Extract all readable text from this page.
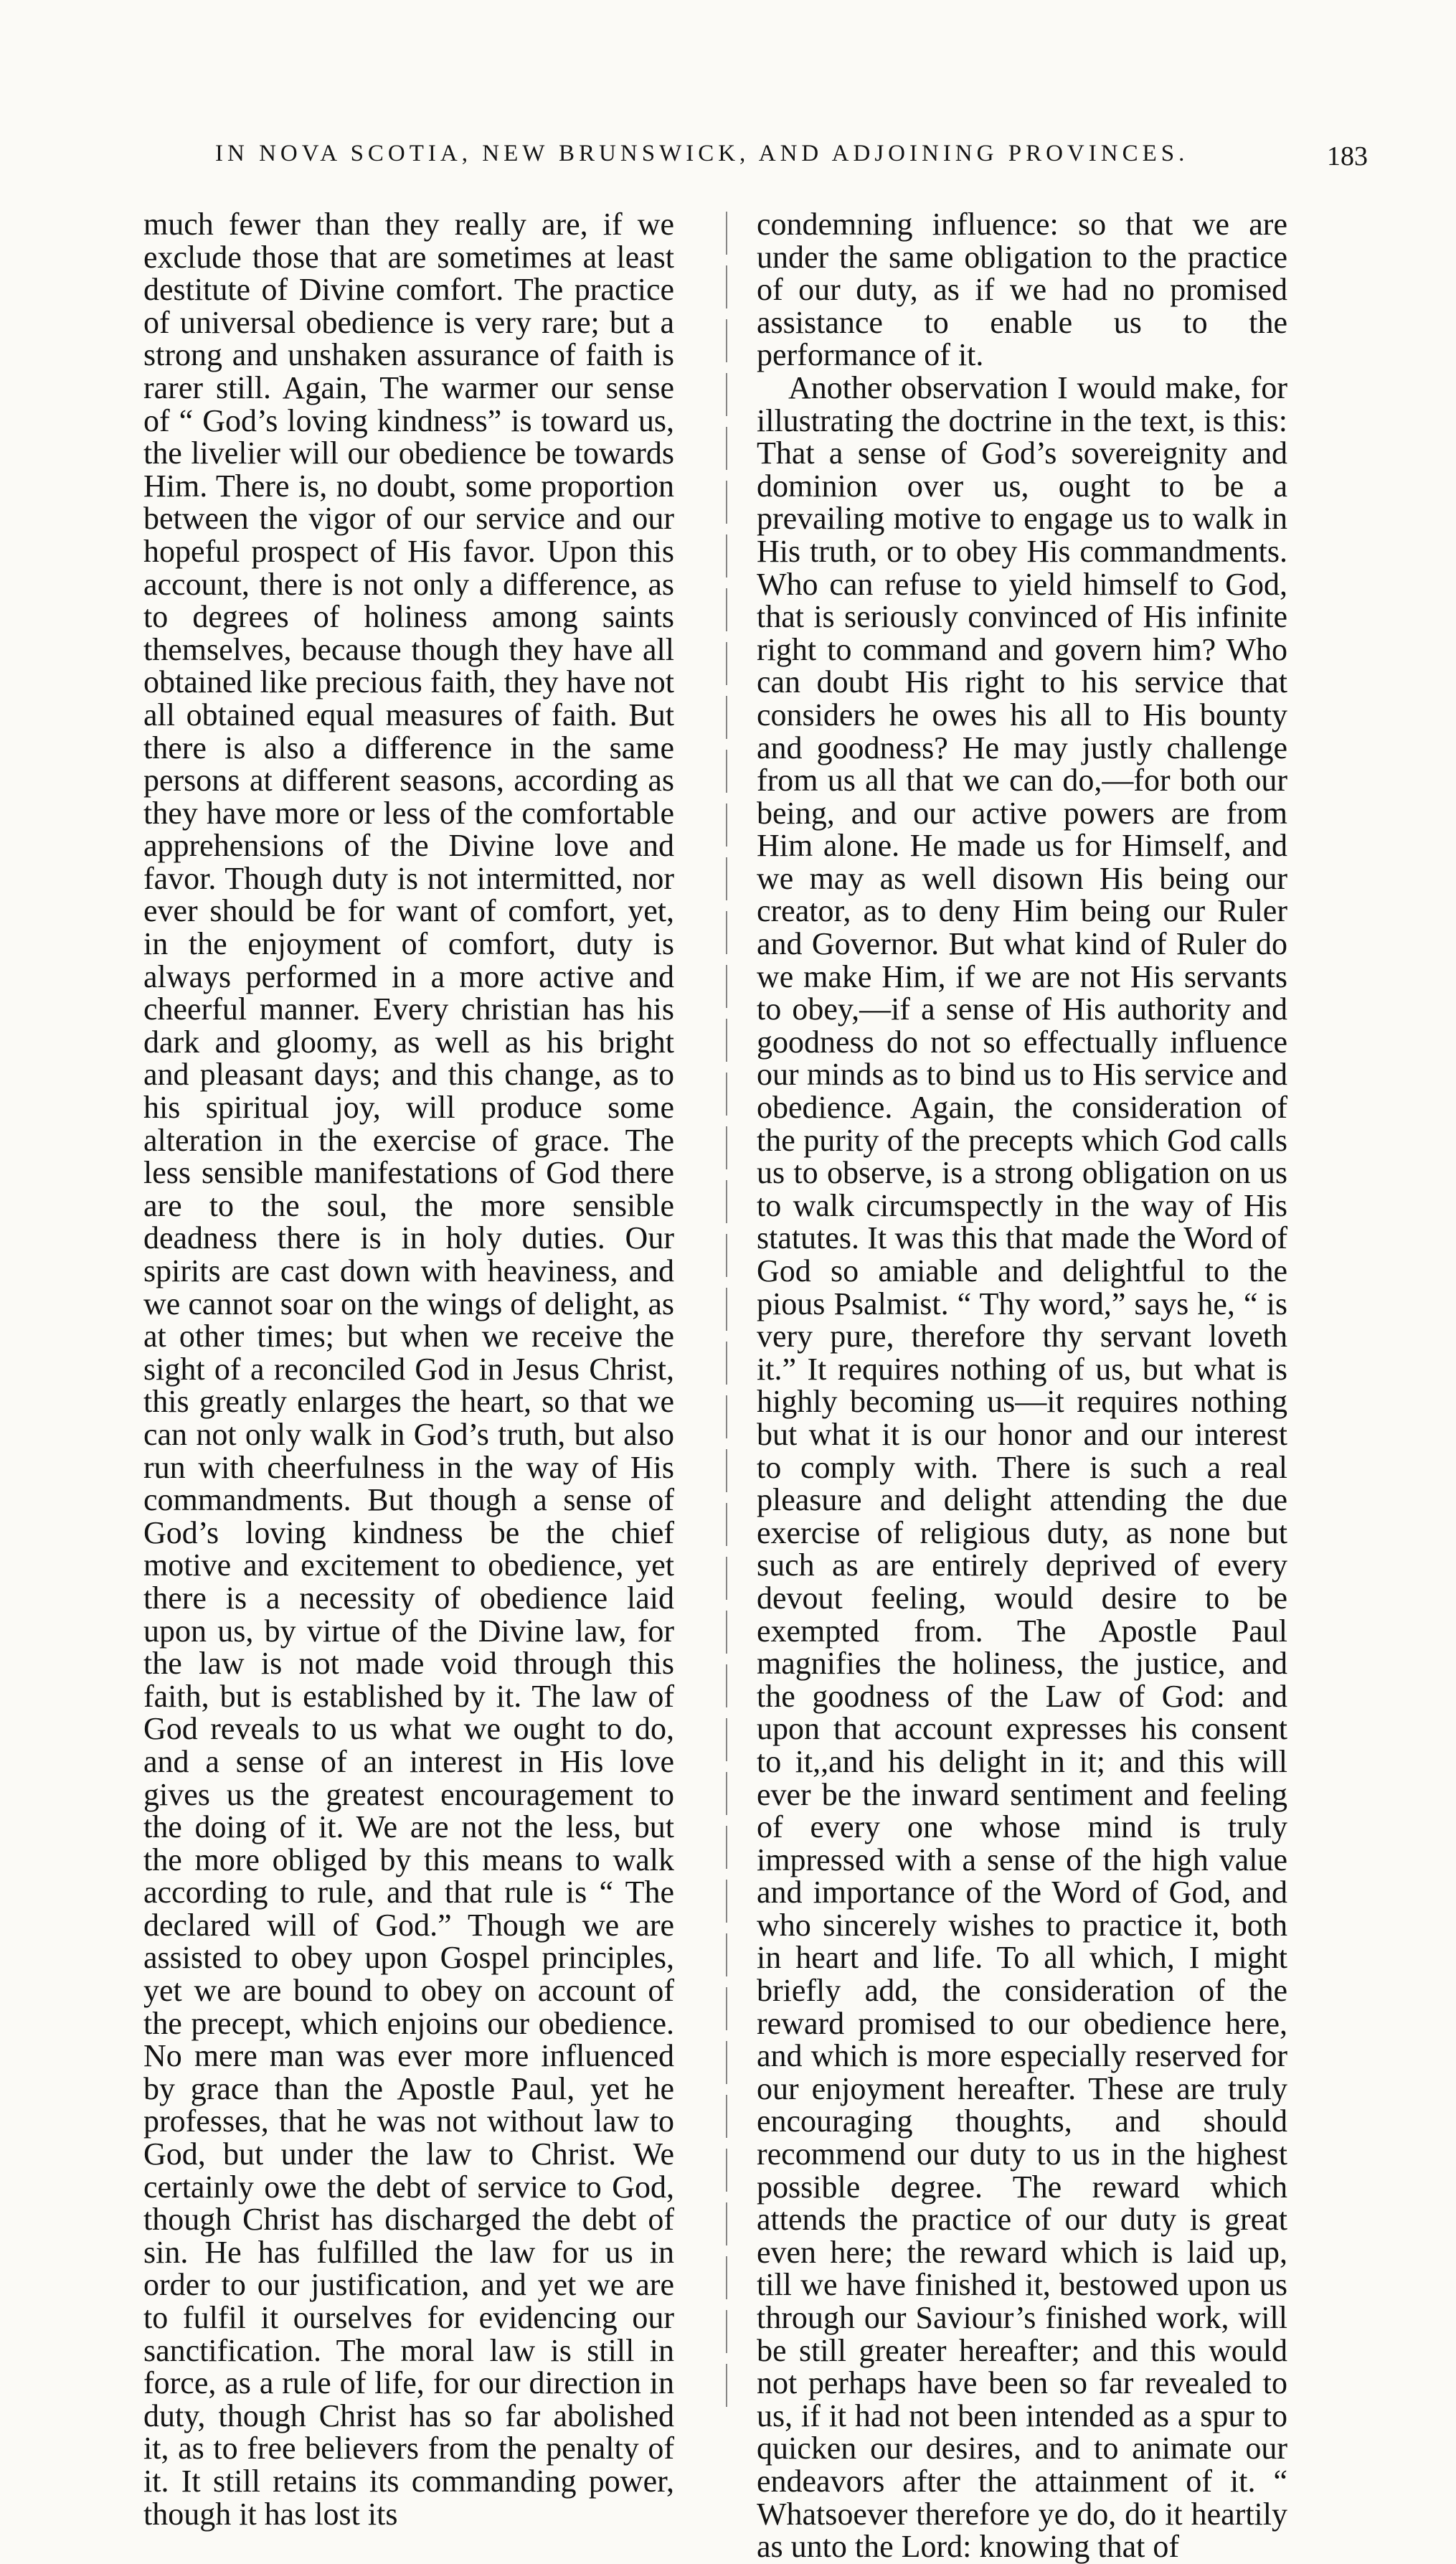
IN NOVA SCOTIA, NEW BRUNSWICK, AND ADJOINING PROVINCES.	183

much fewer than they really are, if we exclude those that are sometimes at least destitute of Divine comfort. The practice of universal obedience is very rare; but a strong and unshaken assurance of faith is rarer still. Again, The warmer our sense of “ God’s loving kindness” is toward us, the livelier will our obedience be towards Him. There is, no doubt, some proportion between the vigor of our service and our hopeful prospect of His favor. Upon this account, there is not only a difference, as to degrees of holiness among saints themselves, because though they have all obtained like precious faith, they have not all obtained equal measures of faith. But there is also a difference in the same persons at different seasons, according as they have more or less of the comfortable apprehensions of the Divine love and favor. Though duty is not intermitted, nor ever should be for want of comfort, yet, in the enjoyment of comfort, duty is always performed in a more active and cheerful manner. Every christian has his dark and gloomy, as well as his bright and pleasant days; and this change, as to his spiritual joy, will produce some alteration in the exercise of grace. The less sensible manifestations of God there are to the soul, the more sensible deadness there is in holy duties. Our spirits are cast down with heaviness, and we cannot soar on the wings of delight, as at other times; but when we receive the sight of a reconciled God in Jesus Christ, this greatly enlarges the heart, so that we can not only walk in God’s truth, but also run with cheerfulness in the way of His commandments. But though a sense of God’s loving kindness be the chief motive and excitement to obedience, yet there is a necessity of obedience laid upon us, by virtue of the Divine law, for the law is not made void through this faith, but is established by it. The law of God reveals to us what we ought to do, and a sense of an interest in His love gives us the greatest encouragement to the doing of it. We are not the less, but the more obliged by this means to walk according to rule, and that rule is “ The declared will of God.” Though we are assisted to obey upon Gospel principles, yet we are bound to obey on account of the precept, which enjoins our obedience. No mere man was ever more influenced by grace than the Apostle Paul, yet he professes, that he was not without law to God, but under the law to Christ. We certainly owe the debt of service to God, though Christ has discharged the debt of sin. He has fulfilled the law for us in order to our justification, and yet we are to fulfil it ourselves for evidencing our sanctification. The moral law is still in force, as a rule of life, for our direction in duty, though Christ has so far abolished it, as to free believers from the penalty of it. It still retains its commanding power, though it has lost its

condemning influence: so that we are under the same obligation to the practice of our duty, as if we had no promised assistance to enable us to the performance of it.

Another observation I would make, for illustrating the doctrine in the text, is this: That a sense of God’s sovereignity and dominion over us, ought to be a prevailing motive to engage us to walk in His truth, or to obey His commandments. Who can refuse to yield himself to God, that is seriously convinced of His infinite right to command and govern him? Who can doubt His right to his service that considers he owes his all to His bounty and goodness? He may justly challenge from us all that we can do,—for both our being, and our active powers are from Him alone. He made us for Himself, and we may as well disown His being our creator, as to deny Him being our Ruler and Governor. But what kind of Ruler do we make Him, if we are not His servants to obey,—if a sense of His authority and goodness do not so effectually influence our minds as to bind us to His service and obedience. Again, the consideration of the purity of the precepts which God calls us to observe, is a strong obligation on us to walk circumspectly in the way of His statutes. It was this that made the Word of God so amiable and delightful to the pious Psalmist. “ Thy word,” says he, “ is very pure, therefore thy servant loveth it.” It requires nothing of us, but what is highly becoming us—it requires nothing but what it is our honor and our interest to comply with. There is such a real pleasure and delight attending the due exercise of religious duty, as none but such as are entirely deprived of every devout feeling, would desire to be exempted from. The Apostle Paul magnifies the holiness, the justice, and the goodness of the Law of God: and upon that account expresses his consent to it,,and his delight in it; and this will ever be the inward sentiment and feeling of every one whose mind is truly impressed with a sense of the high value and importance of the Word of God, and who sincerely wishes to practice it, both in heart and life. To all which, I might briefly add, the consideration of the reward promised to our obedience here, and which is more especially reserved for our enjoyment hereafter. These are truly encouraging thoughts, and should recommend our duty to us in the highest possible degree. The reward which attends the practice of our duty is great even here; the reward which is laid up, till we have finished it, bestowed upon us through our Saviour’s finished work, will be still greater hereafter; and this would not perhaps have been so far revealed to us, if it had not been intended as a spur to quicken our desires, and to animate our endeavors after the attainment of it. “ Whatsoever therefore ye do, do it heartily as unto the Lord: knowing that of
